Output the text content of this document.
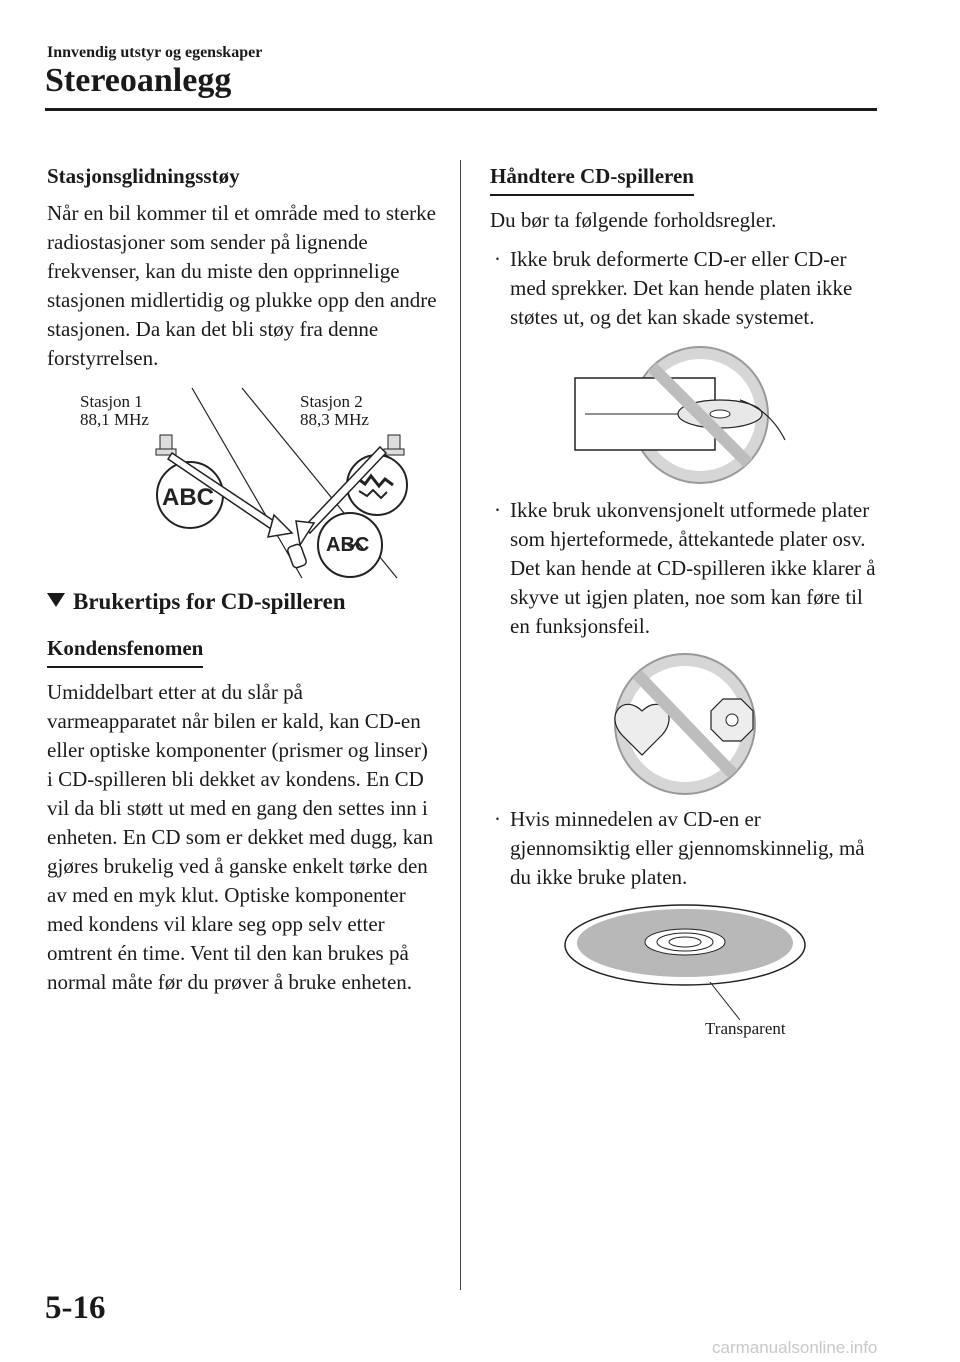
Innvendig utstyr og egenskaper
Stereoanlegg
Stasjonsglidningsstøy

Når en bil kommer til et område med to sterke radiostasjoner som sender på lignende frekvenser, kan du miste den opprinnelige stasjonen midlertidig og plukke opp den andre stasjonen. Da kan det bli støy fra denne forstyrrelsen.

Stasjon 1
88,1 MHz
Stasjon 2
88,3 MHz
ABC
ABC
Brukertips for CD-spilleren
Kondensfenomen

Umiddelbart etter at du slår på varmeapparatet når bilen er kald, kan CD-en eller optiske komponenter (prismer og linser) i CD-spilleren bli dekket av kondens. En CD vil da bli støtt ut med en gang den settes inn i enheten. En CD som er dekket med dugg, kan gjøres brukelig ved å ganske enkelt tørke den av med en myk klut. Optiske komponenter med kondens vil klare seg opp selv etter omtrent én time. Vent til den kan brukes på normal måte før du prøver å bruke enheten.

Håndtere CD-spilleren

Du bør ta følgende forholdsregler.

· Ikke bruk deformerte CD-er eller CD-er med sprekker. Det kan hende platen ikke støtes ut, og det kan skade systemet.
· Ikke bruk ukonvensjonelt utformede plater som hjerteformede, åttekantede plater osv. Det kan hende at CD-spilleren ikke klarer å skyve ut igjen platen, noe som kan føre til en funksjonsfeil.
· Hvis minnedelen av CD-en er gjennomsiktig eller gjennomskinnelig, må du ikke bruke platen.
Transparent
5-16
carmanualsonline.info
